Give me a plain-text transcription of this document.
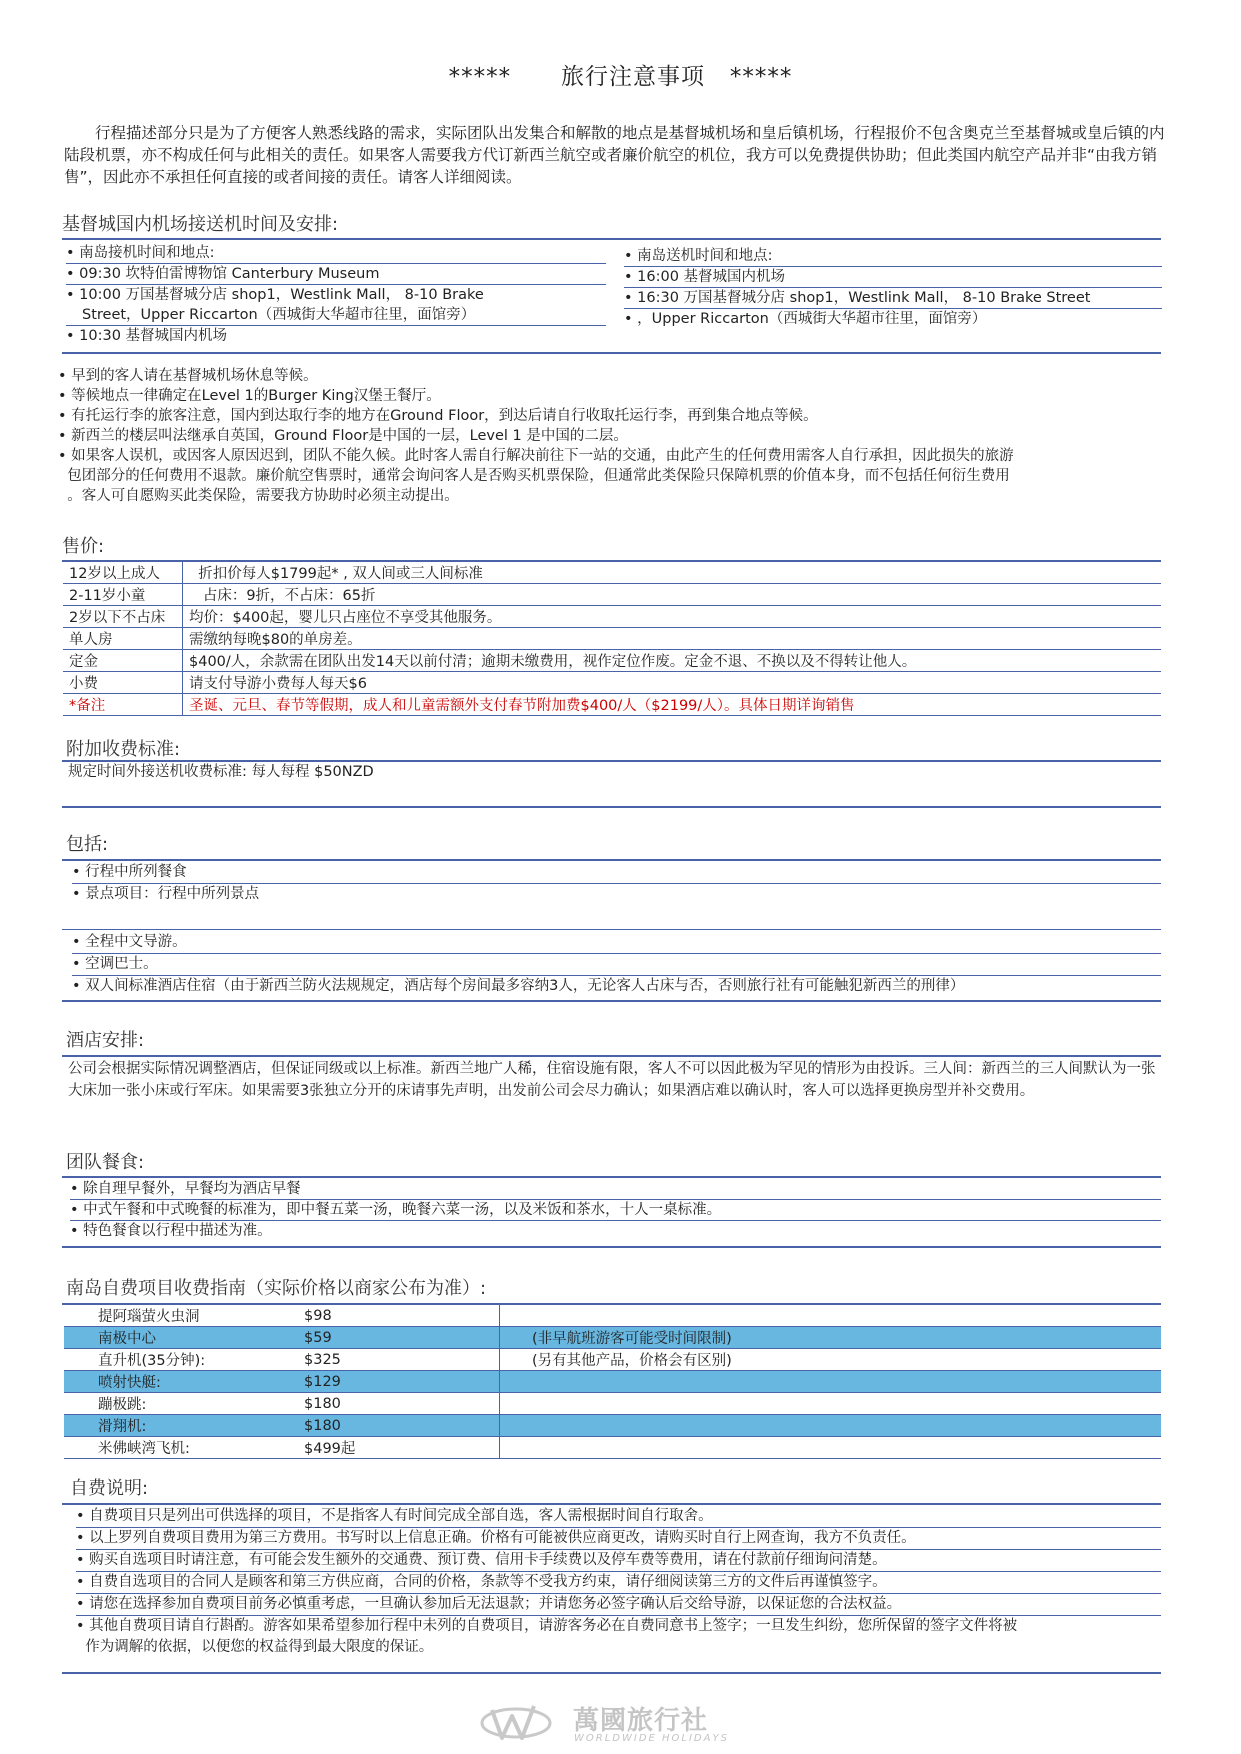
*****      旅行注意事项   *****
行程描述部分只是为了方便客人熟悉线路的需求，实际团队出发集合和解散的地点是基督城机场和皇后镇机场，行程报价不包含奥克兰至基督城或皇后镇的内陆段机票，亦不构成任何与此相关的责任。如果客人需要我方代订新西兰航空或者廉价航空的机位，我方可以免费提供协助；但此类国内航空产品并非“由我方销售”，因此亦不承担任何直接的或者间接的责任。请客人详细阅读。
基督城国内机场接送机时间及安排:
• 南岛接机时间和地点:
• 09:30 坎特伯雷博物馆 Canterbury Museum
• 10:00 万国基督城分店 shop1，Westlink Mall， 8-10 Brake
Street，Upper Riccarton（西城街大华超市往里，面馆旁）
• 10:30 基督城国内机场
• 南岛送机时间和地点:
• 16:00 基督城国内机场
• 16:30 万国基督城分店 shop1，Westlink Mall， 8-10 Brake Street
• ，Upper Riccarton（西城街大华超市往里，面馆旁）
• 早到的客人请在基督城机场休息等候。
• 等候地点一律确定在Level 1的Burger King汉堡王餐厅。
• 有托运行李的旅客注意，国内到达取行李的地方在Ground Floor，到达后请自行收取托运行李，再到集合地点等候。
• 新西兰的楼层叫法继承自英国，Ground Floor是中国的一层，Level 1 是中国的二层。
• 如果客人误机，或因客人原因迟到，团队不能久候。此时客人需自行解决前往下一站的交通，由此产生的任何费用需客人自行承担，因此损失的旅游
包团部分的任何费用不退款。廉价航空售票时，通常会询问客人是否购买机票保险，但通常此类保险只保障机票的价值本身，而不包括任何衍生费用
。客人可自愿购买此类保险，需要我方协助时必须主动提出。
售价:
12岁以上成人	折扣价每人$1799起* , 双人间或三人间标准
2-11岁小童	占床：9折，不占床：65折
2岁以下不占床	均价：$400起，婴儿只占座位不享受其他服务。
单人房	需缴纳每晚$80的单房差。
定金	$400/人，余款需在团队出发14天以前付清；逾期未缴费用，视作定位作废。定金不退、不换以及不得转让他人。
小费	请支付导游小费每人每天$6
*备注	圣诞、元旦、春节等假期，成人和儿童需额外支付春节附加费$400/人（$2199/人）。具体日期详询销售
附加收费标准:
规定时间外接送机收费标准: 每人每程 $50NZD
包括:
• 行程中所列餐食
• 景点项目：行程中所列景点
• 全程中文导游。
• 空调巴士。
• 双人间标准酒店住宿（由于新西兰防火法规规定，酒店每个房间最多容纳3人，无论客人占床与否，否则旅行社有可能触犯新西兰的刑律）
酒店安排:
公司会根据实际情况调整酒店，但保证同级或以上标准。新西兰地广人稀，住宿设施有限，客人不可以因此极为罕见的情形为由投诉。三人间：新西兰的三人间默认为一张大床加一张小床或行军床。如果需要3张独立分开的床请事先声明，出发前公司会尽力确认；如果酒店难以确认时，客人可以选择更换房型并补交费用。
团队餐食:
• 除自理早餐外，早餐均为酒店早餐
• 中式午餐和中式晚餐的标准为，即中餐五菜一汤，晚餐六菜一汤，以及米饭和茶水，十人一桌标准。
• 特色餐食以行程中描述为准。
南岛自费项目收费指南（实际价格以商家公布为准）:
提阿瑙萤火虫洞	$98	
南极中心	$59	(非早航班游客可能受时间限制)
直升机(35分钟):	$325	(另有其他产品，价格会有区别)
喷射快艇:	$129	
蹦极跳:	$180	
滑翔机:	$180	
米佛峡湾飞机:	$499起	
自费说明:
• 自费项目只是列出可供选择的项目，不是指客人有时间完成全部自选，客人需根据时间自行取舍。
• 以上罗列自费项目费用为第三方费用。书写时以上信息正确。价格有可能被供应商更改，请购买时自行上网查询，我方不负责任。
• 购买自选项目时请注意，有可能会发生额外的交通费、预订费、信用卡手续费以及停车费等费用，请在付款前仔细询问清楚。
• 自费自选项目的合同人是顾客和第三方供应商，合同的价格，条款等不受我方约束，请仔细阅读第三方的文件后再谨慎签字。
• 请您在选择参加自费项目前务必慎重考虑，一旦确认参加后无法退款；并请您务必签字确认后交给导游，以保证您的合法权益。
• 其他自费项目请自行斟酌。游客如果希望参加行程中未列的自费项目，请游客务必在自费同意书上签字；一旦发生纠纷，您所保留的签字文件将被
作为调解的依据，以便您的权益得到最大限度的保证。
萬國旅行社
WORLDWIDE HOLIDAYS
